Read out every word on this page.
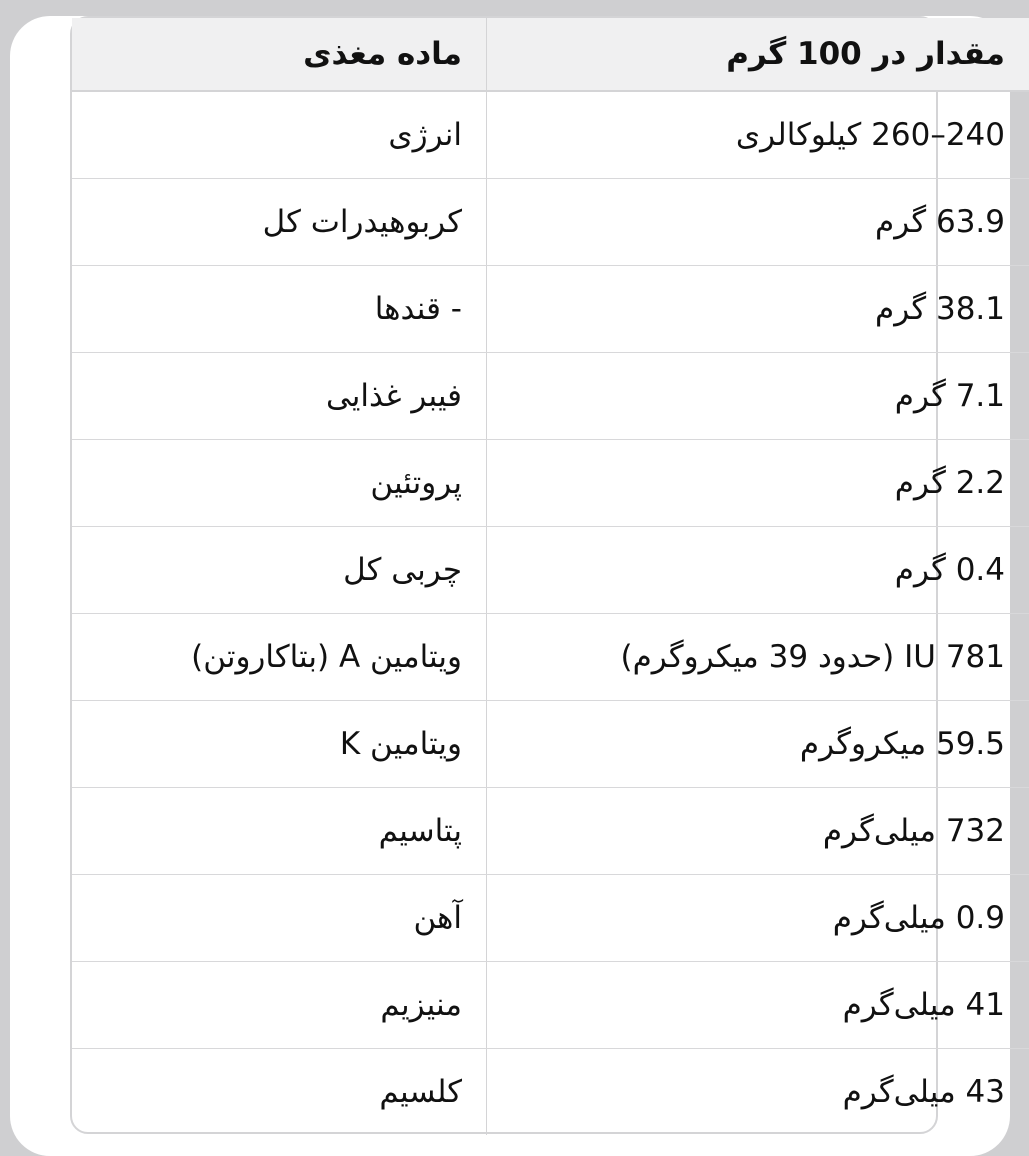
مقدار در 100 گرم	ماده مغذی
240–260 کیلوکالری	انرژی
63.9 گرم	کربوهیدرات کل
38.1 گرم	- قندها
7.1 گرم	فیبر غذایی
2.2 گرم	پروتئین
0.4 گرم	چربی کل
781 IU (حدود 39 میکروگرم)	ویتامین A (بتاکاروتن)
59.5 میکروگرم	ویتامین K
732 میلی‌گرم	پتاسیم
0.9 میلی‌گرم	آهن
41 میلی‌گرم	منیزیم
43 میلی‌گرم	کلسیم
